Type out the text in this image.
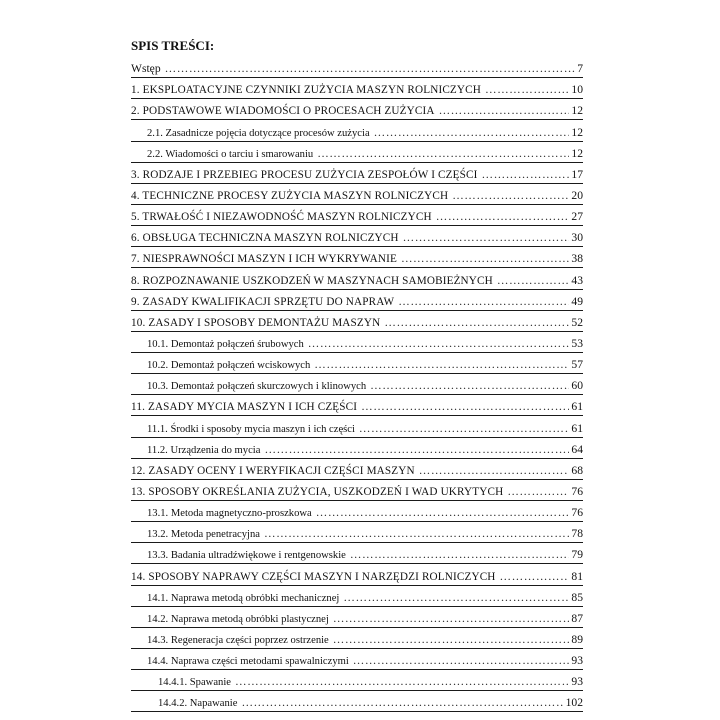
SPIS TREŚCI:
Wstęp ………………………………………………………………………………………………………………………………………………………………………………………………………………………	7
1. EKSPLOATACYJNE CZYNNIKI ZUŻYCIA MASZYN ROLNICZYCH ………………………………………………………………………………………………………………………………………………………………………………………………………………………	10
2. PODSTAWOWE WIADOMOŚCI O PROCESACH ZUŻYCIA ………………………………………………………………………………………………………………………………………………………………………………………………………………………	12
2.1. Zasadnicze pojęcia dotyczące procesów zużycia ………………………………………………………………………………………………………………………………………………………………………………………………………………………	12
2.2. Wiadomości o tarciu i smarowaniu ………………………………………………………………………………………………………………………………………………………………………………………………………………………	12
3. RODZAJE I PRZEBIEG PROCESU ZUŻYCIA ZESPOŁÓW I CZĘŚCI ………………………………………………………………………………………………………………………………………………………………………………………………………………………	17
4. TECHNICZNE PROCESY ZUŻYCIA MASZYN ROLNICZYCH ………………………………………………………………………………………………………………………………………………………………………………………………………………………	20
5. TRWAŁOŚĆ I NIEZAWODNOŚĆ MASZYN ROLNICZYCH ………………………………………………………………………………………………………………………………………………………………………………………………………………………	27
6. OBSŁUGA TECHNICZNA MASZYN ROLNICZYCH ………………………………………………………………………………………………………………………………………………………………………………………………………………………	30
7. NIESPRAWNOŚCI MASZYN I ICH WYKRYWANIE ………………………………………………………………………………………………………………………………………………………………………………………………………………………	38
8. ROZPOZNAWANIE USZKODZEŃ W MASZYNACH SAMOBIEŻNYCH ………………………………………………………………………………………………………………………………………………………………………………………………………………………	43
9. ZASADY KWALIFIKACJI SPRZĘTU DO NAPRAW ………………………………………………………………………………………………………………………………………………………………………………………………………………………	49
10. ZASADY I SPOSOBY DEMONTAŻU MASZYN ………………………………………………………………………………………………………………………………………………………………………………………………………………………	52
10.1. Demontaż połączeń śrubowych ………………………………………………………………………………………………………………………………………………………………………………………………………………………	53
10.2. Demontaż połączeń wciskowych ………………………………………………………………………………………………………………………………………………………………………………………………………………………	57
10.3. Demontaż połączeń skurczowych i klinowych ………………………………………………………………………………………………………………………………………………………………………………………………………………………	60
11. ZASADY MYCIA MASZYN I ICH CZĘŚCI ………………………………………………………………………………………………………………………………………………………………………………………………………………………	61
11.1. Środki i sposoby mycia maszyn i ich części ………………………………………………………………………………………………………………………………………………………………………………………………………………………	61
11.2. Urządzenia do mycia ………………………………………………………………………………………………………………………………………………………………………………………………………………………	64
12. ZASADY OCENY I WERYFIKACJI CZĘŚCI MASZYN ………………………………………………………………………………………………………………………………………………………………………………………………………………………	68
13. SPOSOBY OKREŚLANIA ZUŻYCIA, USZKODZEŃ I WAD UKRYTYCH ………………………………………………………………………………………………………………………………………………………………………………………………………………………	76
13.1. Metoda magnetyczno-proszkowa ………………………………………………………………………………………………………………………………………………………………………………………………………………………	76
13.2. Metoda penetracyjna ………………………………………………………………………………………………………………………………………………………………………………………………………………………	78
13.3. Badania ultradźwiękowe i rentgenowskie ………………………………………………………………………………………………………………………………………………………………………………………………………………………	79
14. SPOSOBY NAPRAWY CZĘŚCI MASZYN I NARZĘDZI ROLNICZYCH ………………………………………………………………………………………………………………………………………………………………………………………………………………………	81
14.1. Naprawa metodą obróbki mechanicznej ………………………………………………………………………………………………………………………………………………………………………………………………………………………	85
14.2. Naprawa metodą obróbki plastycznej ………………………………………………………………………………………………………………………………………………………………………………………………………………………	87
14.3. Regeneracja części poprzez ostrzenie ………………………………………………………………………………………………………………………………………………………………………………………………………………………	89
14.4. Naprawa części metodami spawalniczymi ………………………………………………………………………………………………………………………………………………………………………………………………………………………	93
14.4.1. Spawanie ………………………………………………………………………………………………………………………………………………………………………………………………………………………	93
14.4.2. Napawanie ………………………………………………………………………………………………………………………………………………………………………………………………………………………	102
